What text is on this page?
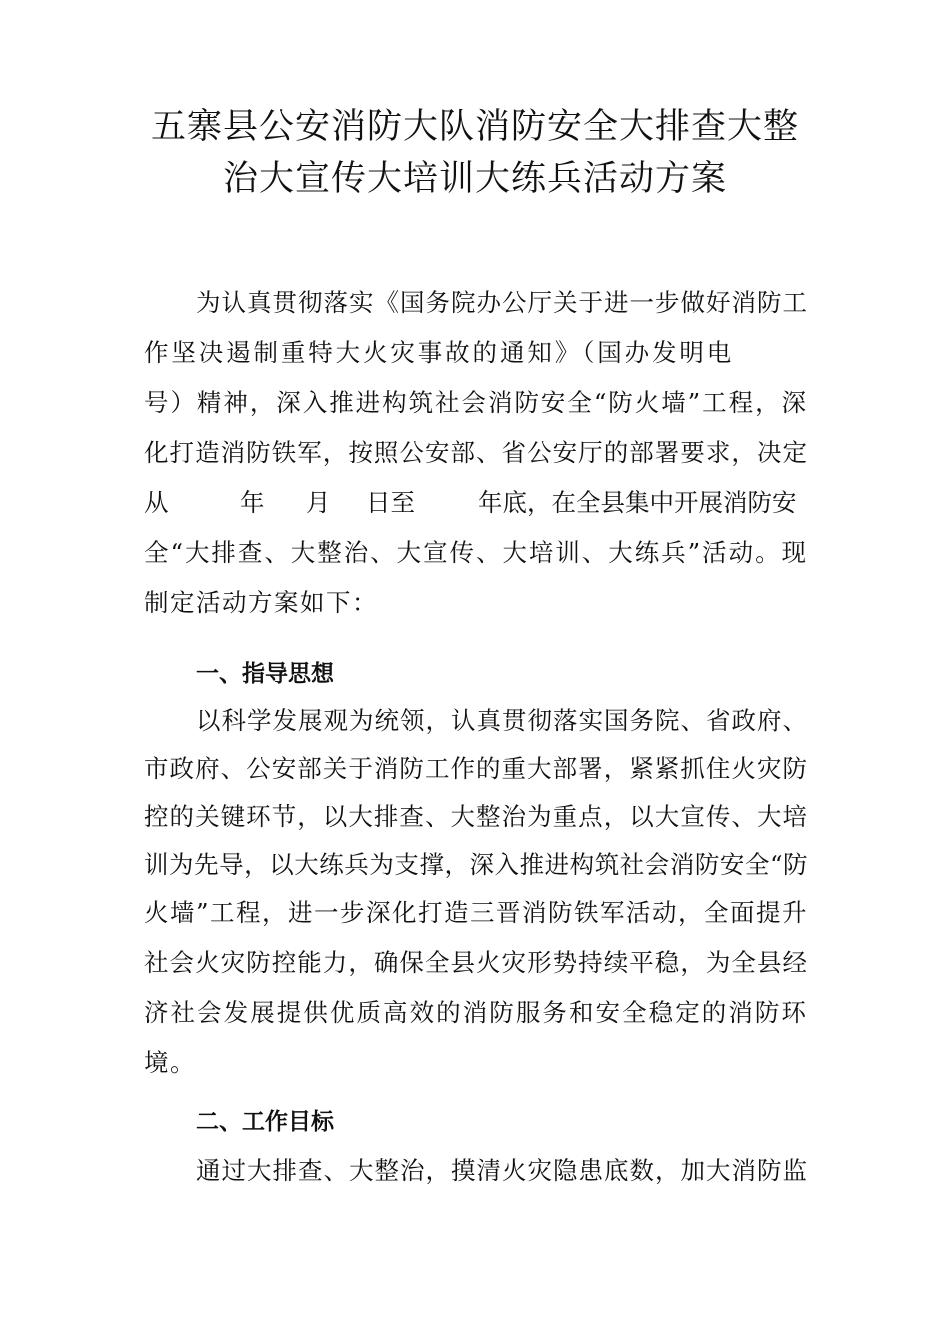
五寨县公安消防大队消防安全大排查大整
治大宣传大培训大练兵活动方案
为认真贯彻落实《国务院办公厅关于进一步做好消防工
作坚决遏制重特大火灾事故的通知》（国办发明电
号）精神，深入推进构筑社会消防安全“防火墙”工程，深
化打造消防铁军，按照公安部、省公安厅的部署要求，决定
从	年 月 日至	年底，在全县集中开展消防安
全“大排查、大整治、大宣传、大培训、大练兵”活动。现
制定活动方案如下：
一、指导思想
以科学发展观为统领，认真贯彻落实国务院、省政府、
市政府、公安部关于消防工作的重大部署，紧紧抓住火灾防
控的关键环节，以大排查、大整治为重点，以大宣传、大培
训为先导，以大练兵为支撑，深入推进构筑社会消防安全“防
火墙”工程，进一步深化打造三晋消防铁军活动，全面提升
社会火灾防控能力，确保全县火灾形势持续平稳，为全县经
济社会发展提供优质高效的消防服务和安全稳定的消防环
境。
二、工作目标
通过大排查、大整治，摸清火灾隐患底数，加大消防监
